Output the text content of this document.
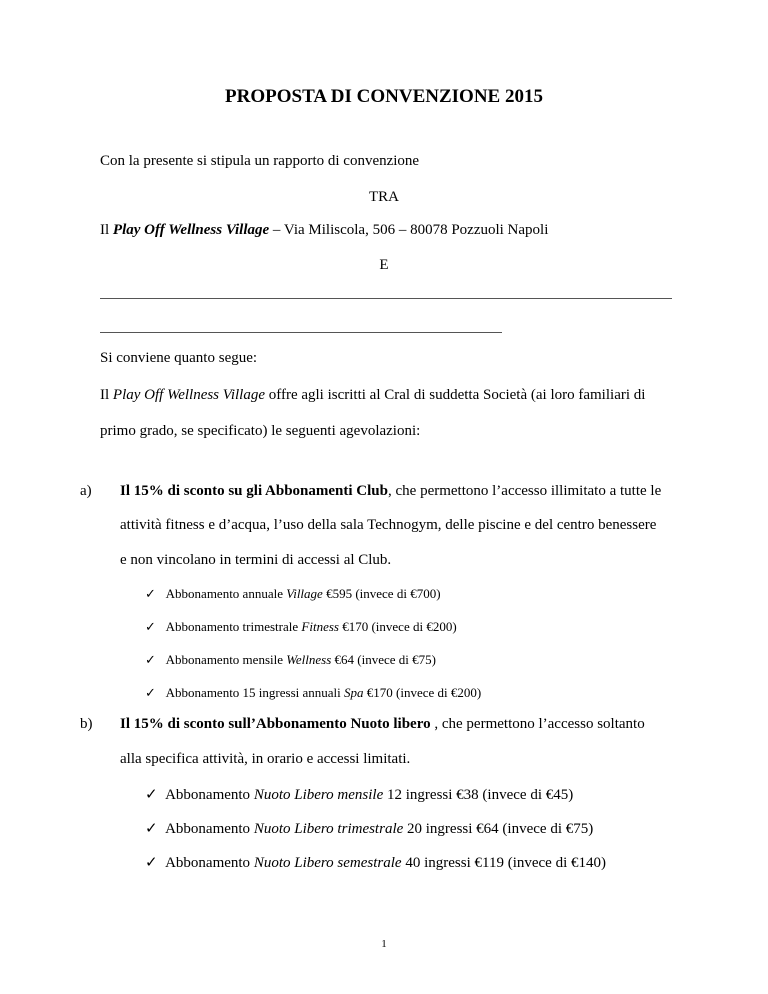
PROPOSTA DI CONVENZIONE 2015
Con la presente si stipula un rapporto di convenzione
TRA
Il Play Off Wellness Village – Via Miliscola, 506 – 80078 Pozzuoli Napoli
E
Si conviene quanto segue:
Il Play Off Wellness Village offre agli iscritti al Cral di suddetta Società (ai loro familiari di
primo grado, se specificato) le seguenti agevolazioni:
a) Il 15% di sconto su gli Abbonamenti Club, che permettono l’accesso illimitato a tutte le
attività fitness e d’acqua, l’uso della sala Technogym, delle piscine e del centro benessere
e non vincolano in termini di accessi al Club.
✓ Abbonamento annuale Village €595 (invece di €700)
✓ Abbonamento trimestrale Fitness €170 (invece di €200)
✓ Abbonamento mensile Wellness €64 (invece di €75)
✓ Abbonamento 15 ingressi annuali Spa €170 (invece di €200)
b) Il 15% di sconto sull’Abbonamento Nuoto libero , che permettono l’accesso soltanto
alla specifica attività, in orario e accessi limitati.
✓ Abbonamento Nuoto Libero mensile 12 ingressi €38 (invece di €45)
✓ Abbonamento Nuoto Libero trimestrale 20 ingressi €64 (invece di €75)
✓ Abbonamento Nuoto Libero semestrale 40 ingressi €119 (invece di €140)
1
